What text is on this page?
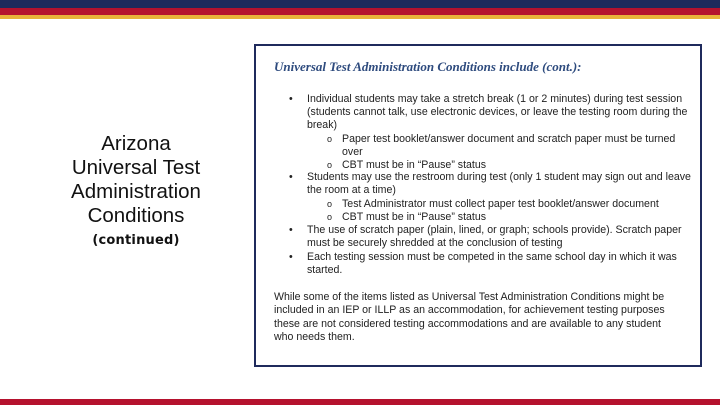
Arizona
Universal Test
Administration
Conditions
(continued)
Universal Test Administration Conditions include (cont.):
• Individual students may take a stretch break (1 or 2 minutes) during test session (students cannot talk, use electronic devices, or leave the testing room during the break)
o Paper test booklet/answer document and scratch paper must be turned over
o CBT must be in “Pause” status
• Students may use the restroom during test (only 1 student may sign out and leave the room at a time)
o Test Administrator must collect paper test booklet/answer document
o CBT must be in “Pause” status
• The use of scratch paper (plain, lined, or graph; schools provide). Scratch paper must be securely shredded at the conclusion of testing
• Each testing session must be competed in the same school day in which it was started.
While some of the items listed as Universal Test Administration Conditions might be included in an IEP or ILLP as an accommodation, for achievement testing purposes these are not considered testing accommodations and are available to any student who needs them.
